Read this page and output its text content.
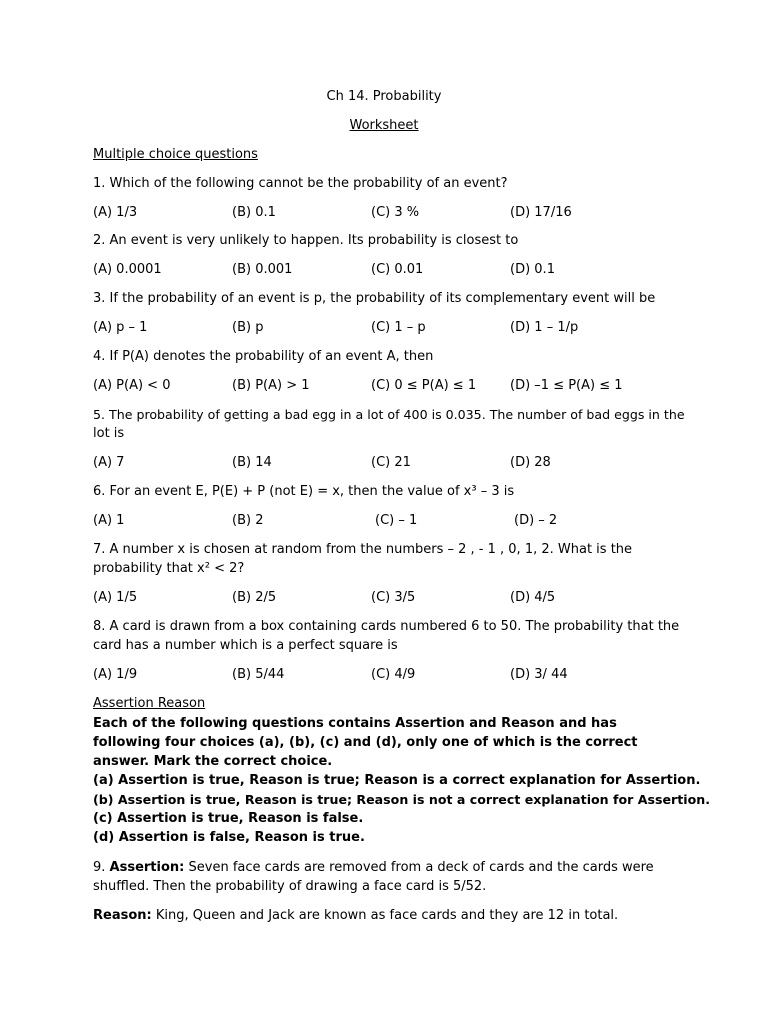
Ch 14. Probability
Worksheet
Multiple choice questions
1. Which of the following cannot be the probability of an event?
(A) 1/3	(B) 0.1	(C) 3 %	(D) 17/16
2. An event is very unlikely to happen. Its probability is closest to
(A) 0.0001	(B) 0.001	(C) 0.01	(D) 0.1
3. If the probability of an event is p, the probability of its complementary event will be
(A) p – 1	(B) p	(C) 1 – p	(D) 1 – 1/p
4. If P(A) denotes the probability of an event A, then
(A) P(A) < 0	(B) P(A) > 1	(C) 0 ≤ P(A) ≤ 1	(D) –1 ≤ P(A) ≤ 1
5. The probability of getting a bad egg in a lot of 400 is 0.035. The number of bad eggs in the
lot is
(A) 7	(B) 14	(C) 21	(D) 28
6. For an event E, P(E) + P (not E) = x, then the value of x³ – 3 is
(A) 1	(B) 2	(C) – 1	(D) – 2
7. A number x is chosen at random from the numbers – 2 , - 1 , 0, 1, 2. What is the
probability that x² < 2?
(A) 1/5	(B) 2/5	(C) 3/5	(D) 4/5
8. A card is drawn from a box containing cards numbered 6 to 50. The probability that the
card has a number which is a perfect square is
(A) 1/9	(B) 5/44	(C) 4/9	(D) 3/ 44
Assertion Reason
Each of the following questions contains Assertion and Reason and has following four choices (a), (b), (c) and (d), only one of which is the correct answer. Mark the correct choice.
(a) Assertion is true, Reason is true; Reason is a correct explanation for Assertion.
(b) Assertion is true, Reason is true; Reason is not a correct explanation for Assertion.
(c) Assertion is true, Reason is false.
(d) Assertion is false, Reason is true.
9. Assertion: Seven face cards are removed from a deck of cards and the cards were shuffled. Then the probability of drawing a face card is 5/52.
Reason: King, Queen and Jack are known as face cards and they are 12 in total.
